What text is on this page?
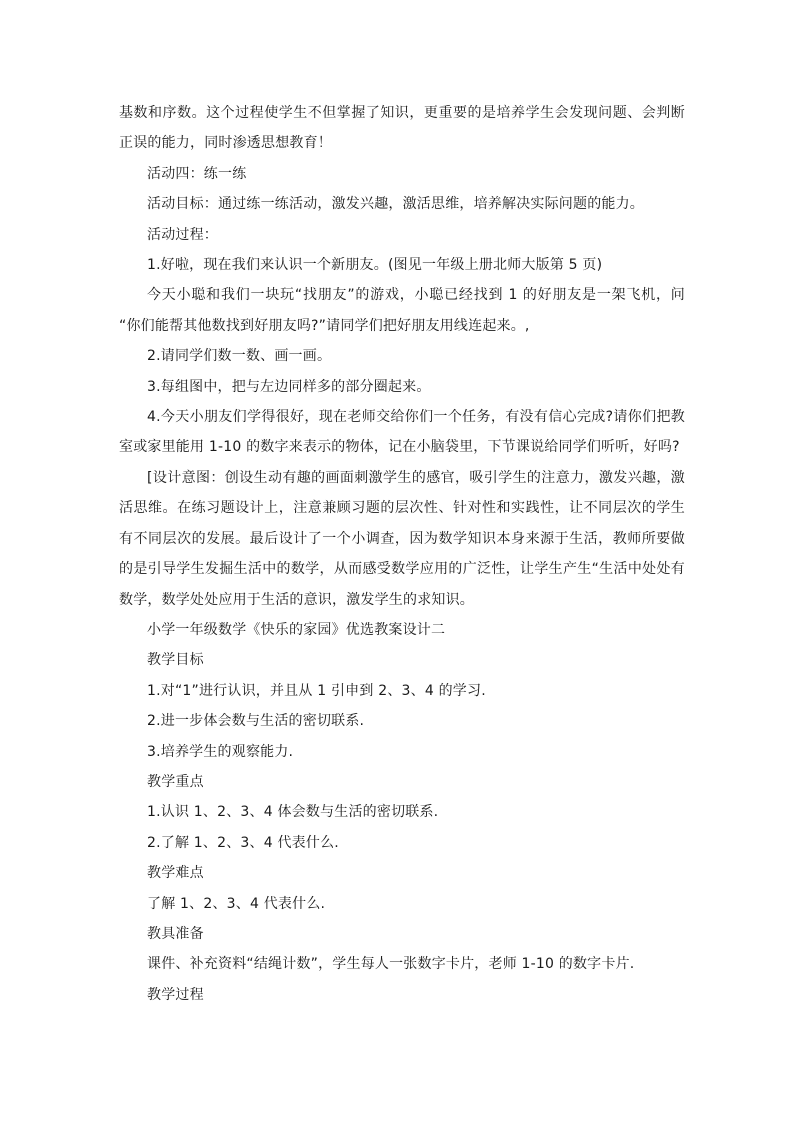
基数和序数。这个过程使学生不但掌握了知识，更重要的是培养学生会发现问题、会判断正误的能力，同时渗透思想教育！

活动四：练一练

活动目标：通过练一练活动，激发兴趣，激活思维，培养解决实际问题的能力。

活动过程：

1.好啦，现在我们来认识一个新朋友。(图见一年级上册北师大版第 5 页)

今天小聪和我们一块玩“找朋友”的游戏，小聪已经找到 1 的好朋友是一架飞机，问 “你们能帮其他数找到好朋友吗?”请同学们把好朋友用线连起来。,

2.请同学们数一数、画一画。

3.每组图中，把与左边同样多的部分圈起来。

4.今天小朋友们学得很好，现在老师交给你们一个任务，有没有信心完成?请你们把教室或家里能用 1-10 的数字来表示的物体，记在小脑袋里，下节课说给同学们听听，好吗?

[设计意图：创设生动有趣的画面刺激学生的感官，吸引学生的注意力，激发兴趣，激活思维。在练习题设计上，注意兼顾习题的层次性、针对性和实践性，让不同层次的学生有不同层次的发展。最后设计了一个小调查，因为数学知识本身来源于生活，教师所要做的是引导学生发掘生活中的数学，从而感受数学应用的广泛性，让学生产生“生活中处处有数学，数学处处应用于生活的意识，激发学生的求知识。

小学一年级数学《快乐的家园》优选教案设计二

教学目标

1.对“1”进行认识，并且从 1 引申到 2、3、4 的学习.

2.进一步体会数与生活的密切联系.

3.培养学生的观察能力.

教学重点

1.认识 1、2、3、4 体会数与生活的密切联系.

2.了解 1、2、3、4 代表什么.

教学难点

了解 1、2、3、4 代表什么.

教具准备

课件、补充资料“结绳计数”，学生每人一张数字卡片，老师 1-10 的数字卡片.

教学过程
